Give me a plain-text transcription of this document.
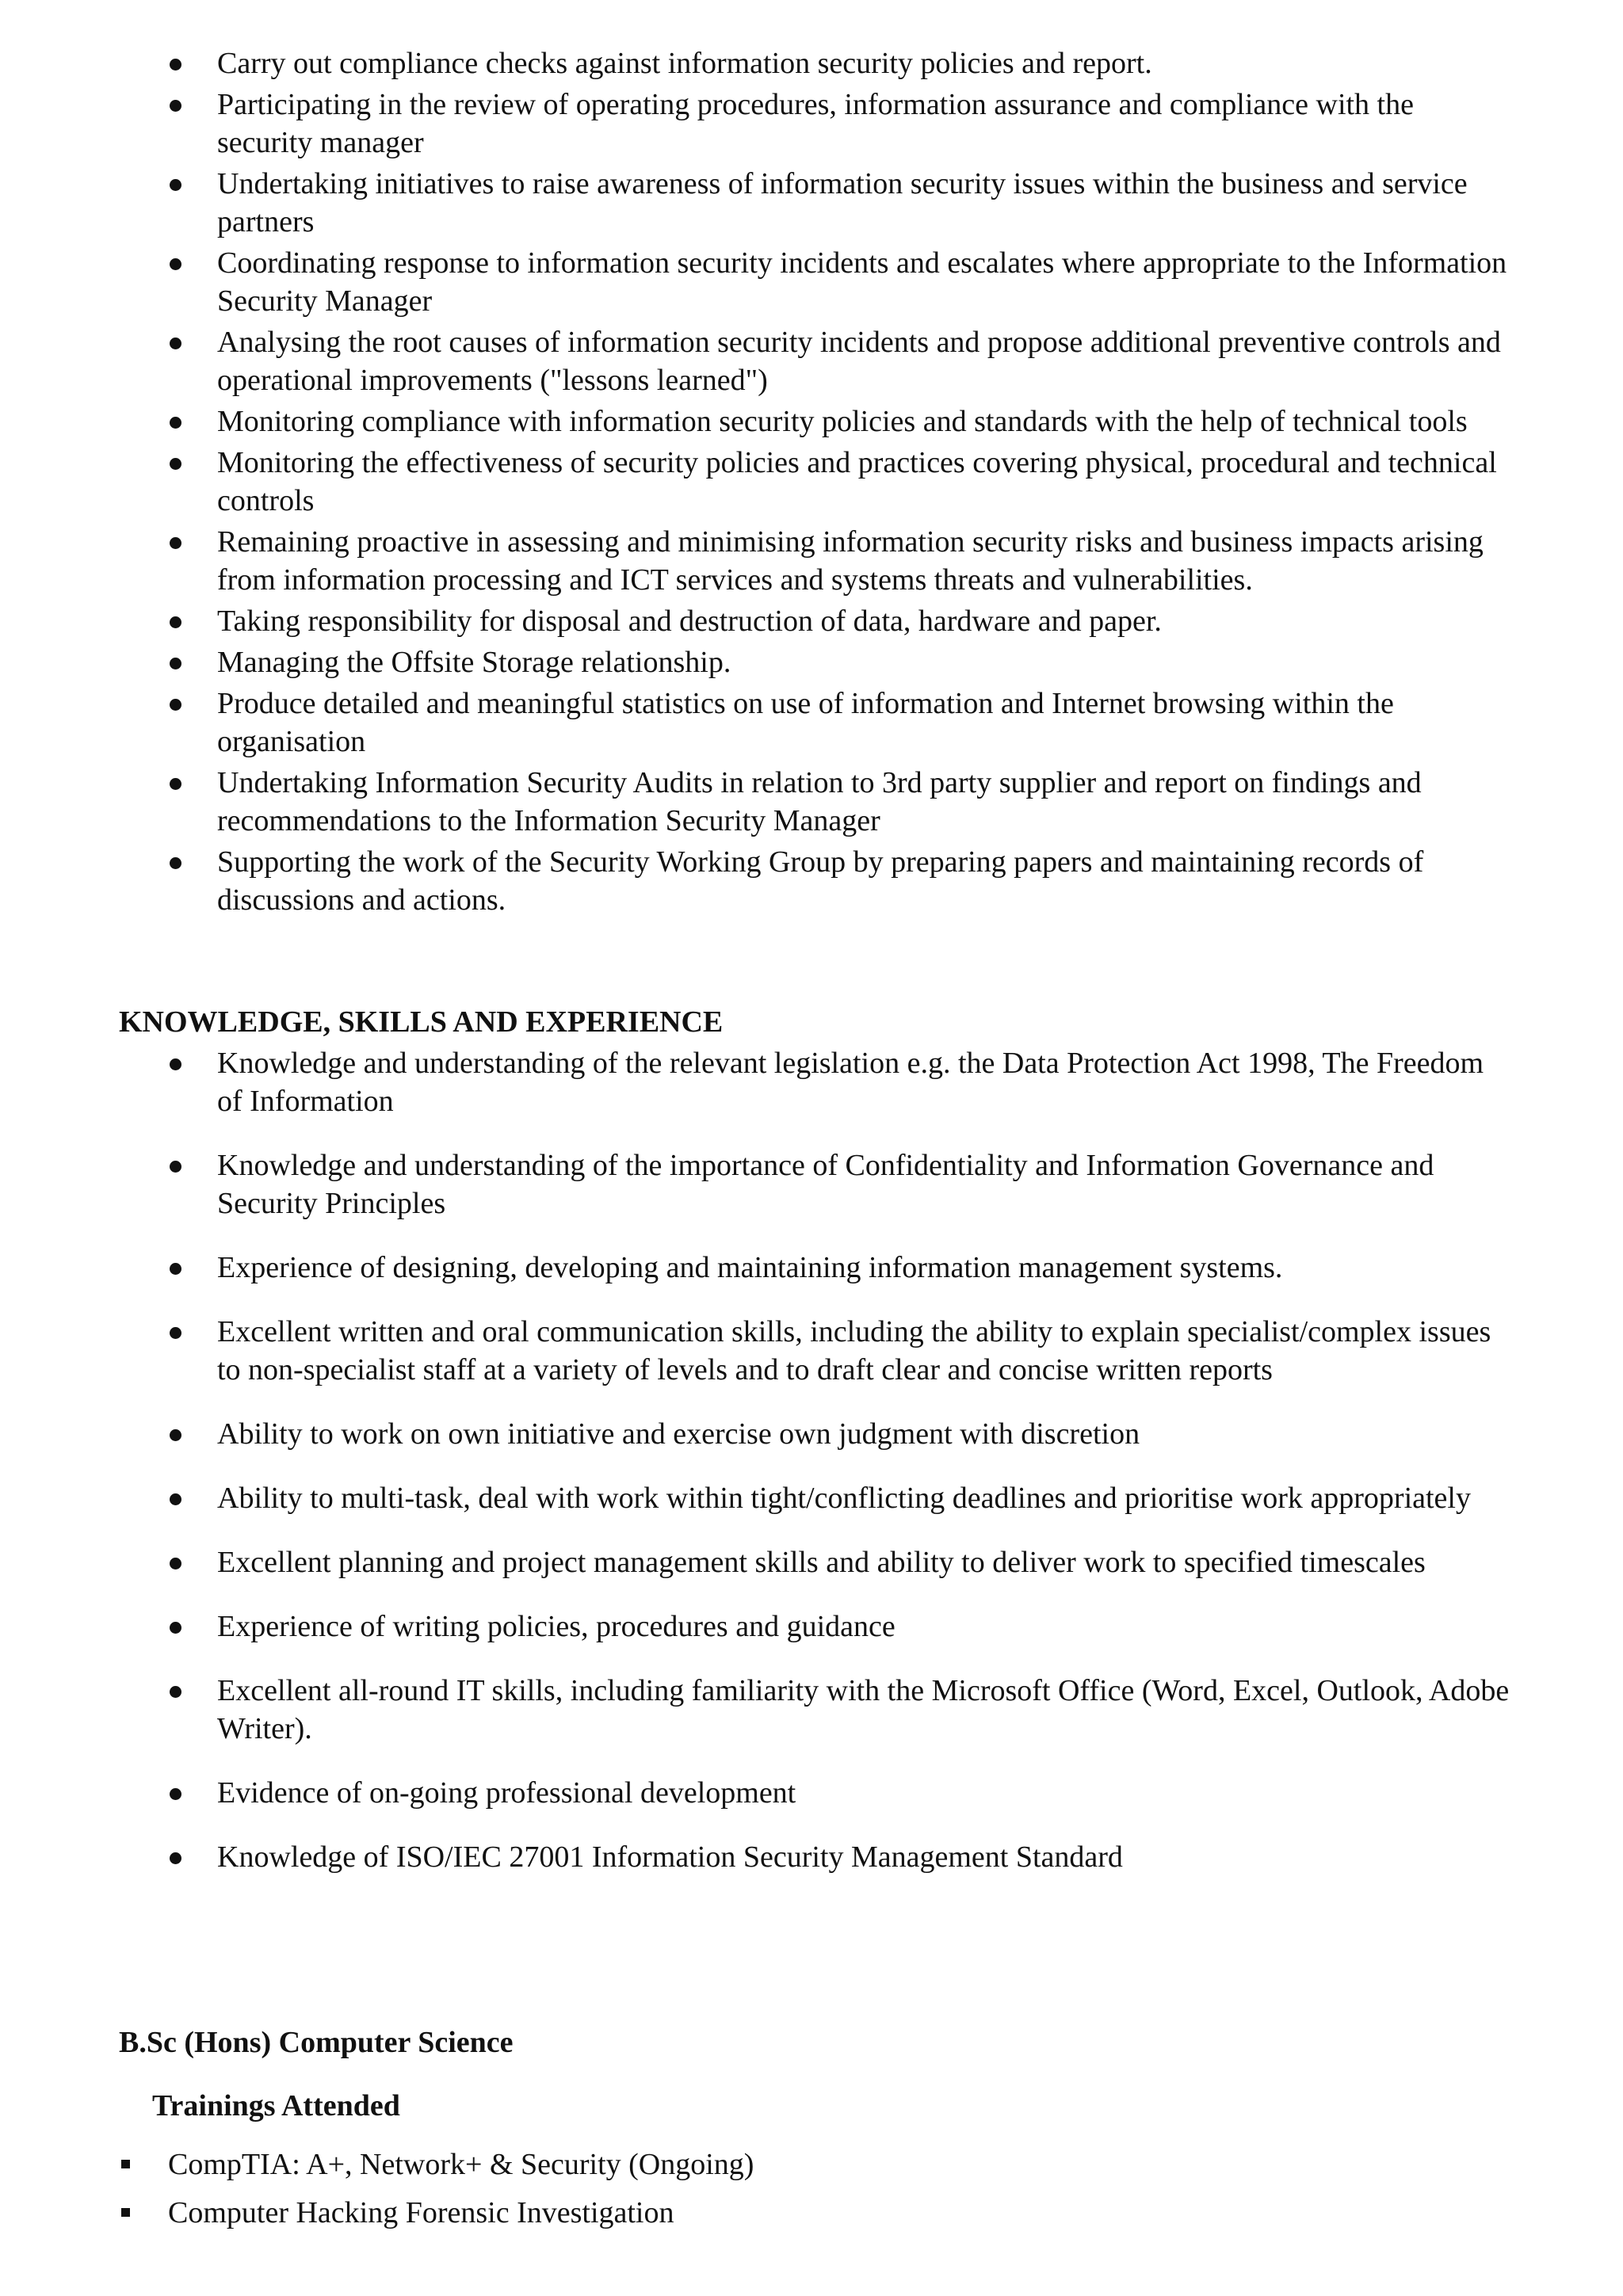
Carry out compliance checks against information security policies and report.
Participating in the review of operating procedures, information assurance and compliance with the security manager
Undertaking initiatives to raise awareness of information security issues within the business and service partners
Coordinating response to information security incidents and escalates where appropriate to the Information Security Manager
Analysing the root causes of information security incidents and propose additional preventive controls and operational improvements ("lessons learned")
Monitoring compliance with information security policies and standards with the help of technical tools
Monitoring the effectiveness of security policies and practices covering physical, procedural and technical controls
Remaining proactive in assessing and minimising information security risks and business impacts arising from information processing and ICT services and systems threats and vulnerabilities.
Taking responsibility for disposal and destruction of data, hardware and paper.
Managing the Offsite Storage relationship.
Produce detailed and meaningful statistics on use of information and Internet browsing within the organisation
Undertaking Information Security Audits in relation to 3rd party supplier and report on findings and recommendations to the Information Security Manager
Supporting the work of the Security Working Group by preparing papers and maintaining records of discussions and actions.
KNOWLEDGE, SKILLS AND EXPERIENCE
Knowledge and understanding of the relevant legislation e.g. the Data Protection Act 1998, The Freedom of Information
Knowledge and understanding of the importance of Confidentiality and Information Governance and Security Principles
Experience of designing, developing and maintaining information management systems.
Excellent written and oral communication skills, including the ability to explain specialist/complex issues to non-specialist staff at a variety of levels and to draft clear and concise written reports
Ability to work on own initiative and exercise own judgment with discretion
Ability to multi-task, deal with work within tight/conflicting deadlines and prioritise work appropriately
Excellent planning and project management skills and ability to deliver work to specified timescales
Experience of writing policies, procedures and guidance
Excellent all-round IT skills, including familiarity with the Microsoft Office (Word, Excel, Outlook, Adobe Writer).
Evidence of on-going professional development
Knowledge of ISO/IEC 27001 Information Security Management Standard
B.Sc (Hons) Computer Science
Trainings Attended
CompTIA: A+, Network+ & Security (Ongoing)
Computer Hacking Forensic Investigation
